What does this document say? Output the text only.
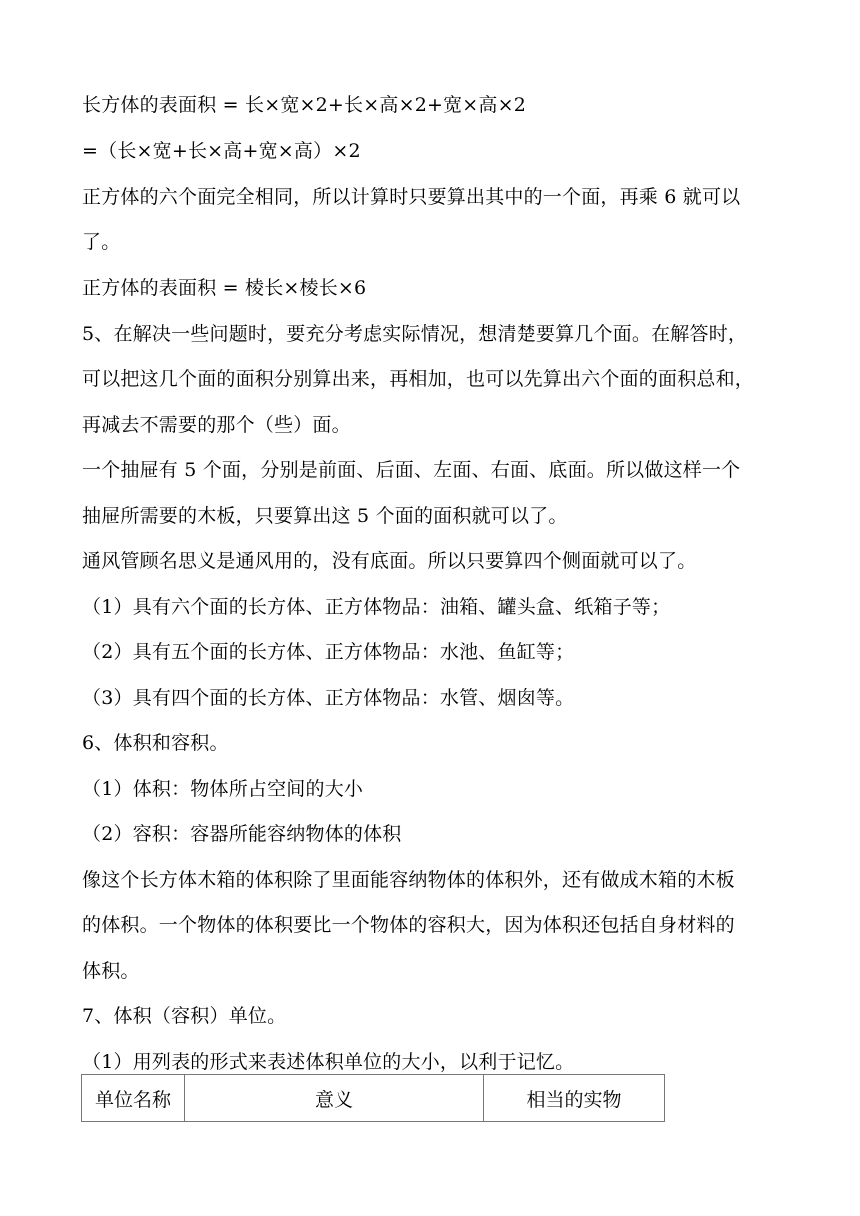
长方体的表面积 = 长×宽×2+长×高×2+宽×高×2
=（长×宽+长×高+宽×高）×2
正方体的六个面完全相同，所以计算时只要算出其中的一个面，再乘 6 就可以
了。
正方体的表面积 = 棱长×棱长×6
5、在解决一些问题时，要充分考虑实际情况，想清楚要算几个面。在解答时，
可以把这几个面的面积分别算出来，再相加，也可以先算出六个面的面积总和，
再减去不需要的那个（些）面。
一个抽屉有 5 个面，分别是前面、后面、左面、右面、底面。所以做这样一个
抽屉所需要的木板，只要算出这 5 个面的面积就可以了。
通风管顾名思义是通风用的，没有底面。所以只要算四个侧面就可以了。
（1）具有六个面的长方体、正方体物品：油箱、罐头盒、纸箱子等；
（2）具有五个面的长方体、正方体物品：水池、鱼缸等；
（3）具有四个面的长方体、正方体物品：水管、烟囱等。
6、体积和容积。
（1）体积：物体所占空间的大小
（2）容积：容器所能容纳物体的体积
像这个长方体木箱的体积除了里面能容纳物体的体积外，还有做成木箱的木板
的体积。一个物体的体积要比一个物体的容积大，因为体积还包括自身材料的
体积。
7、体积（容积）单位。
（1）用列表的形式来表述体积单位的大小，以利于记忆。
单位名称	意义	相当的实物
